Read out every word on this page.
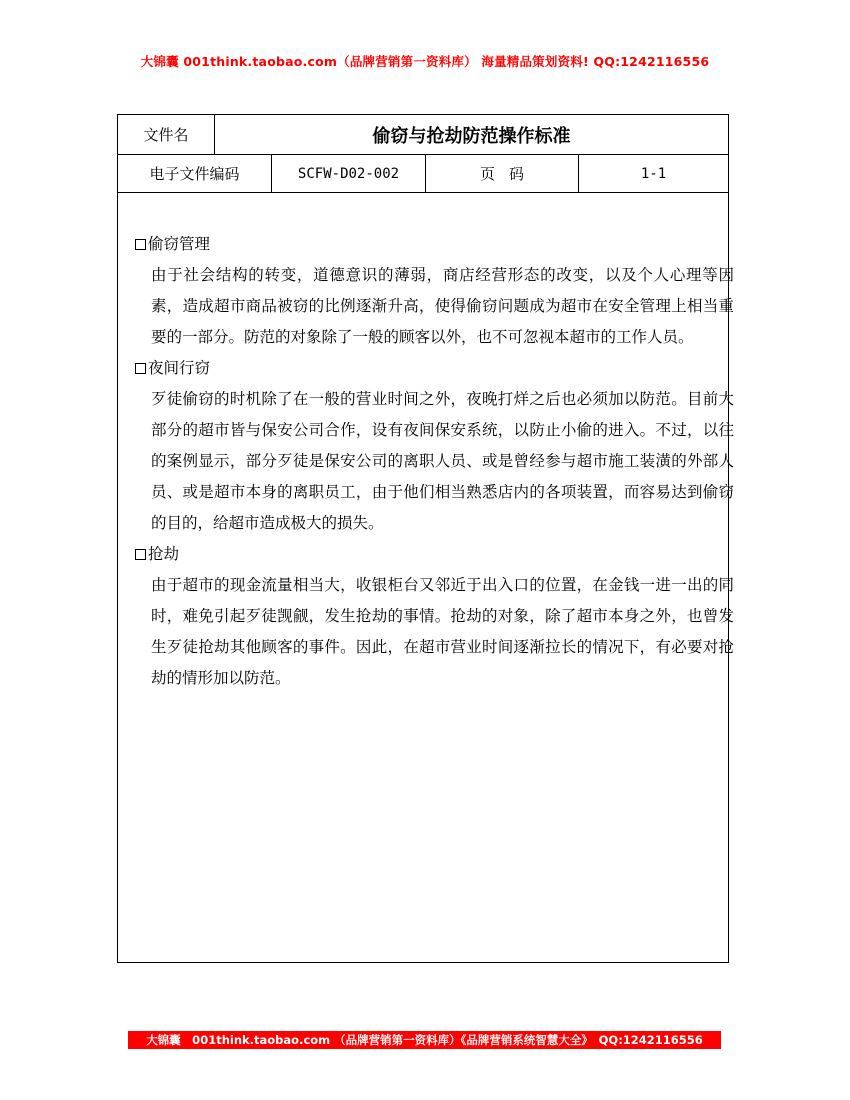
大锦囊 001think.taobao.com（品牌营销第一资料库） 海量精品策划资料! QQ:1242116556
文件名	偷窃与抢劫防范操作标准
电子文件编码	SCFW-D02-002	页码	1-1
偷窃管理
由于社会结构的转变，道德意识的薄弱，商店经营形态的改变，以及个人心理等因素，造成超市商品被窃的比例逐渐升高，使得偷窃问题成为超市在安全管理上相当重要的一部分。防范的对象除了一般的顾客以外，也不可忽视本超市的工作人员。
夜间行窃
歹徒偷窃的时机除了在一般的营业时间之外，夜晚打烊之后也必须加以防范。目前大部分的超市皆与保安公司合作，设有夜间保安系统，以防止小偷的进入。不过，以往的案例显示，部分歹徒是保安公司的离职人员、或是曾经参与超市施工装潢的外部人员、或是超市本身的离职员工，由于他们相当熟悉店内的各项装置，而容易达到偷窃的目的，给超市造成极大的损失。
抢劫
由于超市的现金流量相当大，收银柜台又邻近于出入口的位置，在金钱一进一出的同时，难免引起歹徒觊觎，发生抢劫的事情。抢劫的对象，除了超市本身之外，也曾发生歹徒抢劫其他顾客的事件。因此，在超市营业时间逐渐拉长的情况下，有必要对抢劫的情形加以防范。
大锦囊　001think.taobao.com （品牌营销第一资料库）《品牌营销系统智慧大全》　QQ:1242116556
